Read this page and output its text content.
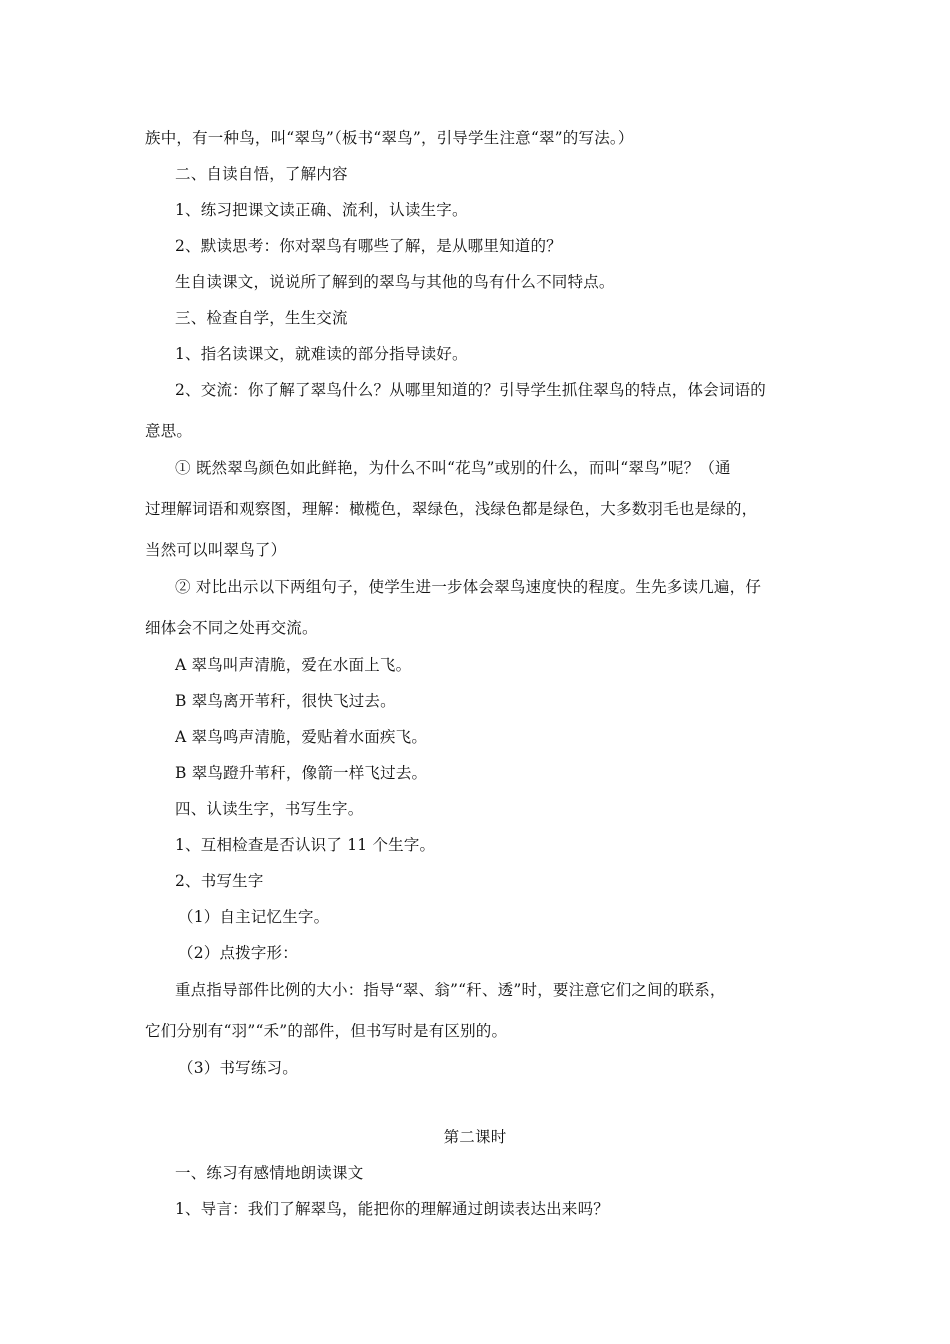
族中，有一种鸟，叫“翠鸟”（板书“翠鸟”，引导学生注意“翠”的写法。）
二、自读自悟，了解内容
1、练习把课文读正确、流利，认读生字。
2、默读思考：你对翠鸟有哪些了解，是从哪里知道的？
生自读课文，说说所了解到的翠鸟与其他的鸟有什么不同特点。
三、检查自学，生生交流
1、指名读课文，就难读的部分指导读好。
2、交流：你了解了翠鸟什么？从哪里知道的？引导学生抓住翠鸟的特点，体会词语的
意思。
① 既然翠鸟颜色如此鲜艳，为什么不叫“花鸟”或别的什么，而叫“翠鸟”呢？（通
过理解词语和观察图，理解：橄榄色，翠绿色，浅绿色都是绿色，大多数羽毛也是绿的，
当然可以叫翠鸟了）
② 对比出示以下两组句子，使学生进一步体会翠鸟速度快的程度。生先多读几遍，仔
细体会不同之处再交流。
A 翠鸟叫声清脆，爱在水面上飞。
B 翠鸟离开苇秆，很快飞过去。
A 翠鸟鸣声清脆，爱贴着水面疾飞。
B 翠鸟蹬升苇秆，像箭一样飞过去。
四、认读生字，书写生字。
1、互相检查是否认识了 11 个生字。
2、书写生字
（1）自主记忆生字。
（2）点拨字形：
重点指导部件比例的大小：指导“翠、翁”“秆、透”时，要注意它们之间的联系，
它们分别有“羽”“禾”的部件，但书写时是有区别的。
（3）书写练习。
第二课时
一、练习有感情地朗读课文
1、导言：我们了解翠鸟，能把你的理解通过朗读表达出来吗？
